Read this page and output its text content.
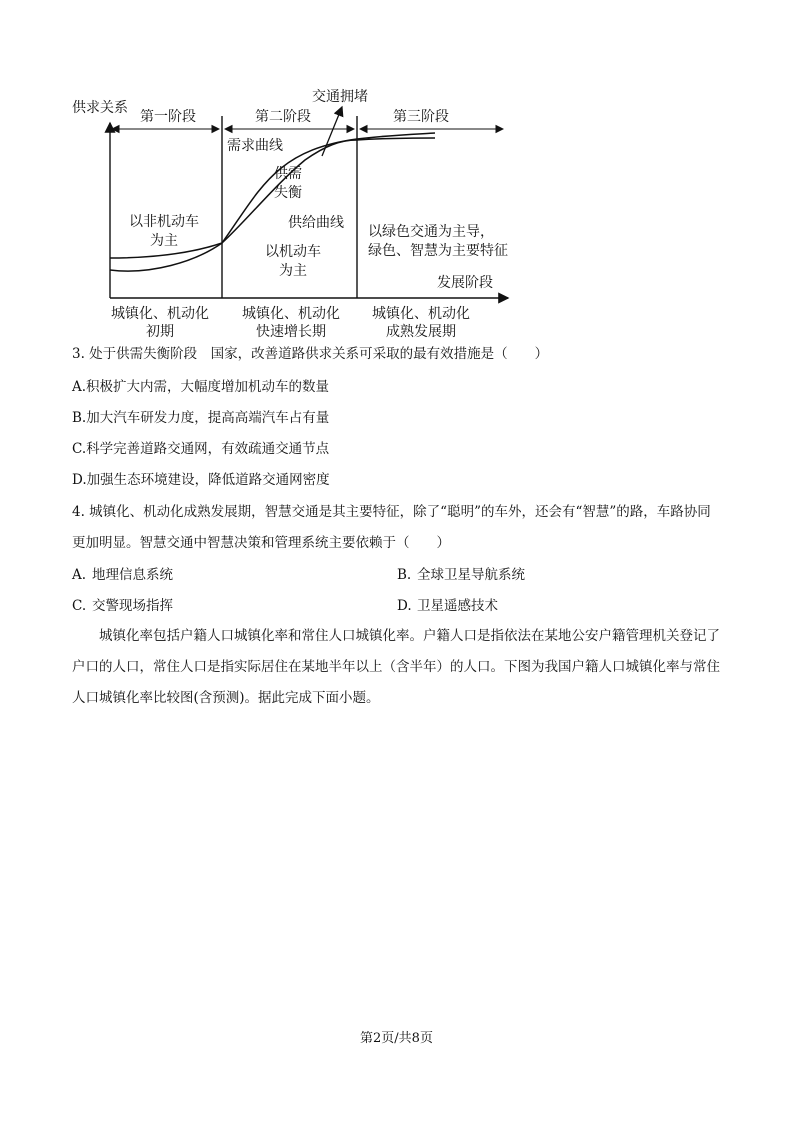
供求关系
发展阶段
第一阶段	第二阶段	第三阶段
交通拥堵
需求曲线
供给曲线
供需
失衡
以非机动车
为主
以机动车
为主
以绿色交通为主导，
绿色、智慧为主要特征
城镇化、机动化
初期
城镇化、机动化
快速增长期
城镇化、机动化
成熟发展期
3. 处于供需失衡阶段　国家，改善道路供求关系可采取的最有效措施是（　　）
A.积极扩大内需，大幅度增加机动车的数量
B.加大汽车研发力度，提高高端汽车占有量
C.科学完善道路交通网，有效疏通交通节点
D.加强生态环境建设，降低道路交通网密度
4. 城镇化、机动化成熟发展期，智慧交通是其主要特征，除了“聪明”的车外，还会有“智慧”的路，车路协同更加明显。智慧交通中智慧决策和管理系统主要依赖于（　　）
A. 地理信息系统	B. 全球卫星导航系统
C. 交警现场指挥	D. 卫星遥感技术
城镇化率包括户籍人口城镇化率和常住人口城镇化率。户籍人口是指依法在某地公安户籍管理机关登记了户口的人口，常住人口是指实际居住在某地半年以上（含半年）的人口。下图为我国户籍人口城镇化率与常住人口城镇化率比较图(含预测)。据此完成下面小题。
第2页/共8页
